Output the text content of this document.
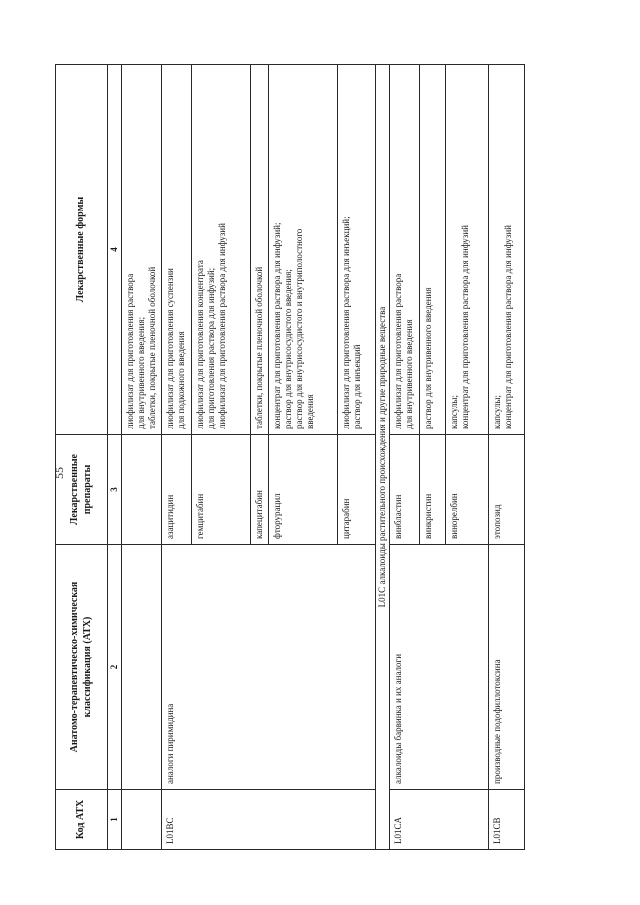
55
Код АТХ	Анатомо-терапевтическо-химическая классификация (АТХ)	Лекарственные препараты	Лекарственные формы
1	2	3	4

			лиофилизат для приготовления раствора для внутривенного введения; таблетки, покрытые пленочной оболочкой

L01BC	аналоги пиримидина	азацитидин	лиофилизат для приготовления суспензии для подкожного введения

		гемцитабин	лиофилизат для приготовления концентрата для приготовления раствора для инфузий; лиофилизат для приготовления раствора для инфузий

		капецитабин	таблетки, покрытые пленочной оболочкой

		фторурацил	концентрат для приготовления раствора для инфузий; раствор для внутрисосудистого введения; раствор для внутрисосудистого и внутриполостного введения

		цитарабин	лиофилизат для приготовления раствора для инъекций; раствор для инъекций

L01C алкалоиды растительного происхождения и другие природные вещества			
L01CA	алкалоиды барвинка и их аналоги	винбластин	лиофилизат для приготовления раствора для внутривенного введения

		винкристин	раствор для внутривенного введения

		винорелбин	капсулы; концентрат для приготовления раствора для инфузий

L01CB	производные подофиллотоксина	этопозид	капсулы; концентрат для приготовления раствора для инфузий
